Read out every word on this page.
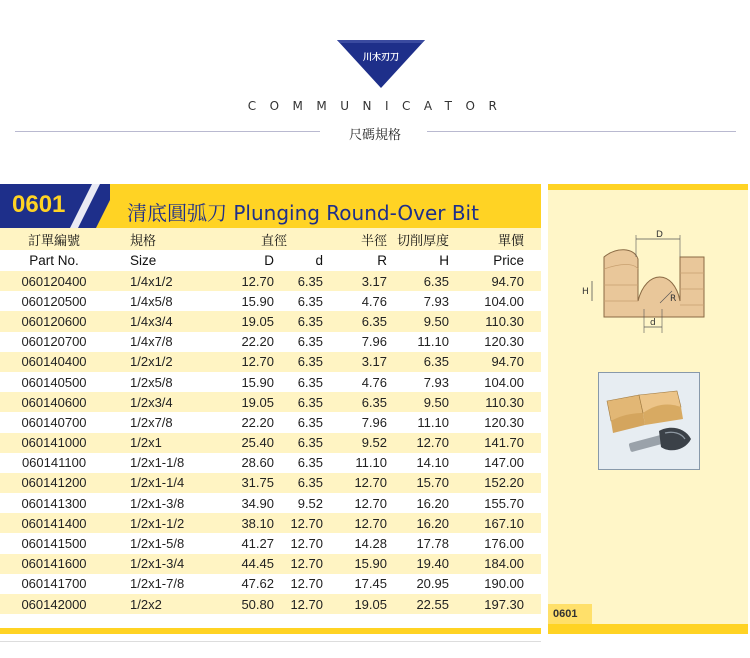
川木刃刀
COMMUNICATOR
尺碼規格
0601	清底圓弧刀 Plunging Round-Over Bit
訂單編號	規格	直徑		半徑	切削厚度	單價	
Part No.	Size	D	d	R	H	Price	
060120400	1/4x1/2	12.70	6.35	3.17	6.35	94.70	
060120500	1/4x5/8	15.90	6.35	4.76	7.93	104.00	
060120600	1/4x3/4	19.05	6.35	6.35	9.50	110.30	
060120700	1/4x7/8	22.20	6.35	7.96	11.10	120.30	
060140400	1/2x1/2	12.70	6.35	3.17	6.35	94.70	
060140500	1/2x5/8	15.90	6.35	4.76	7.93	104.00	
060140600	1/2x3/4	19.05	6.35	6.35	9.50	110.30	
060140700	1/2x7/8	22.20	6.35	7.96	11.10	120.30	
060141000	1/2x1	25.40	6.35	9.52	12.70	141.70	
060141100	1/2x1-1/8	28.60	6.35	11.10	14.10	147.00	
060141200	1/2x1-1/4	31.75	6.35	12.70	15.70	152.20	
060141300	1/2x1-3/8	34.90	9.52	12.70	16.20	155.70	
060141400	1/2x1-1/2	38.10	12.70	12.70	16.20	167.10	
060141500	1/2x1-5/8	41.27	12.70	14.28	17.78	176.00	
060141600	1/2x1-3/4	44.45	12.70	15.90	19.40	184.00	
060141700	1/2x1-7/8	47.62	12.70	17.45	20.95	190.00	
060142000	1/2x2	50.80	12.70	19.05	22.55	197.30	
D
H
R
d
0601
